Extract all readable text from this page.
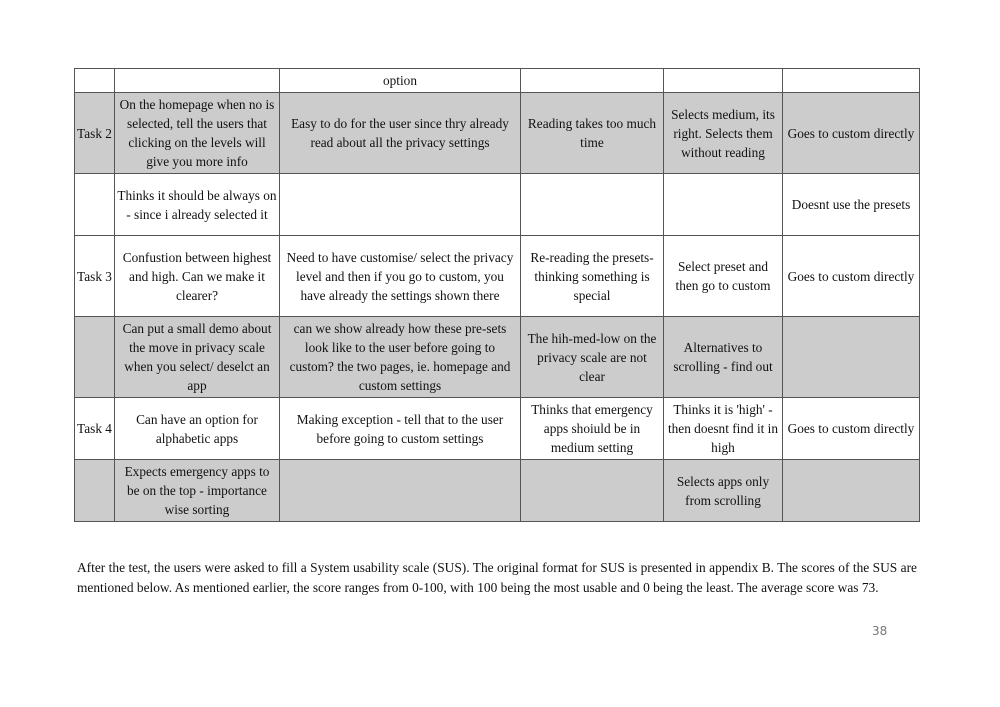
		option			
Task 2	On the homepage when no is selected, tell the users that clicking on the levels will give you more info	Easy to do for the user since thry already read about all the privacy settings	Reading takes too much time	Selects medium, its right. Selects them without reading	Goes to custom directly
	Thinks it should be always on - since i already selected it				Doesnt use the presets
Task 3	Confustion between highest and high. Can we make it clearer?	Need to have customise/ select the privacy level and then if you go to custom, you have already the settings shown there	Re-reading the presets- thinking something is special	Select preset and then go to custom	Goes to custom directly
	Can put a small demo about the move in privacy scale when you select/ deselct an app	can we show already how these pre-sets look like to the user before going to custom? the two pages, ie. homepage and custom settings	The hih-med-low on the privacy scale are not clear	Alternatives to scrolling - find out	
Task 4	Can have an option for alphabetic apps	Making exception - tell that to the user before going to custom settings	Thinks that emergency apps shoiuld be in medium setting	Thinks it is 'high' - then doesnt find it in high	Goes to custom directly
	Expects emergency apps to be on the top - importance wise sorting			Selects apps only from scrolling	

After the test, the users were asked to fill a System usability scale (SUS). The original format for SUS is presented in appendix B. The scores of the SUS are mentioned below. As mentioned earlier, the score ranges from 0-100, with 100 being the most usable and 0 being the least. The average score was 73.

38
